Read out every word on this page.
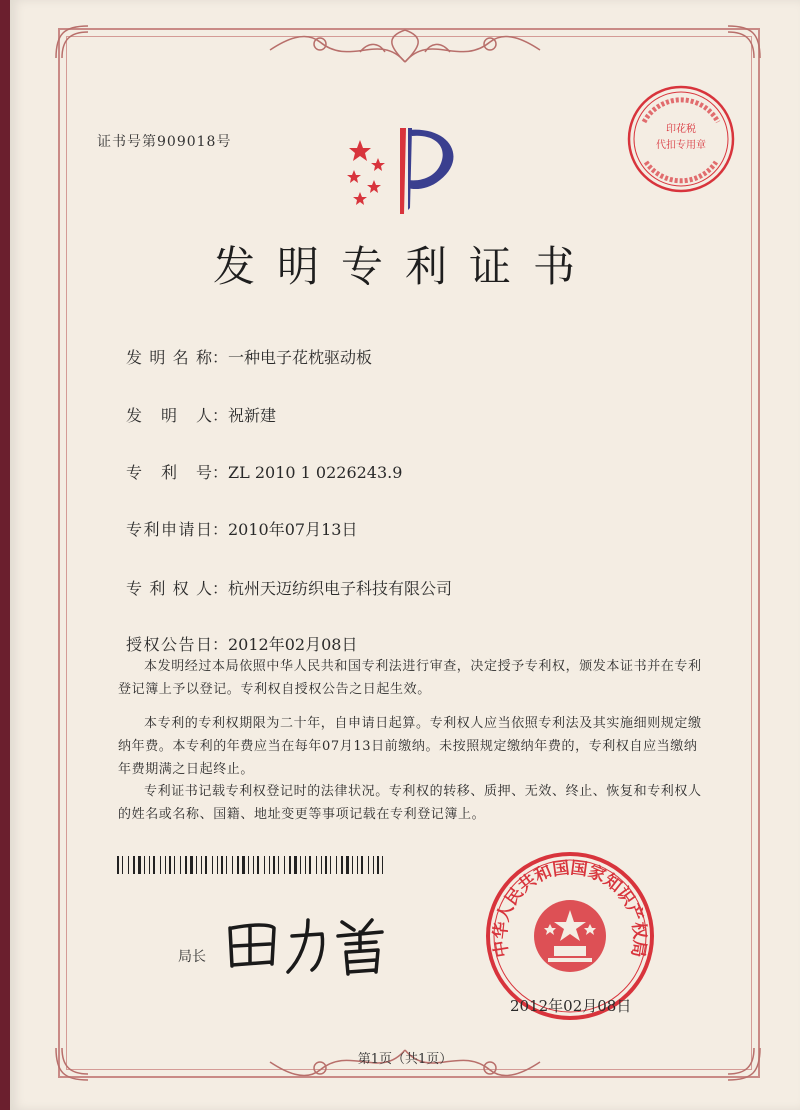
证书号第909018号
印花税
代扣专用章
发明专利证书
发明名称：一种电子花枕驱动板
发明人：祝新建
专利号：ZL 2010 1 0226243.9
专利申请日：2010年07月13日
专利权人：杭州天迈纺织电子科技有限公司
授权公告日：2012年02月08日
本发明经过本局依照中华人民共和国专利法进行审查，决定授予专利权，颁发本证书并在专利登记簿上予以登记。专利权自授权公告之日起生效。
本专利的专利权期限为二十年，自申请日起算。专利权人应当依照专利法及其实施细则规定缴纳年费。本专利的年费应当在每年07月13日前缴纳。未按照规定缴纳年费的，专利权自应当缴纳年费期满之日起终止。
专利证书记载专利权登记时的法律状况。专利权的转移、质押、无效、终止、恢复和专利权人的姓名或名称、国籍、地址变更等事项记载在专利登记簿上。
局长	中华人民共和国国家知识产权局
2012年02月08日
第1页（共1页）
